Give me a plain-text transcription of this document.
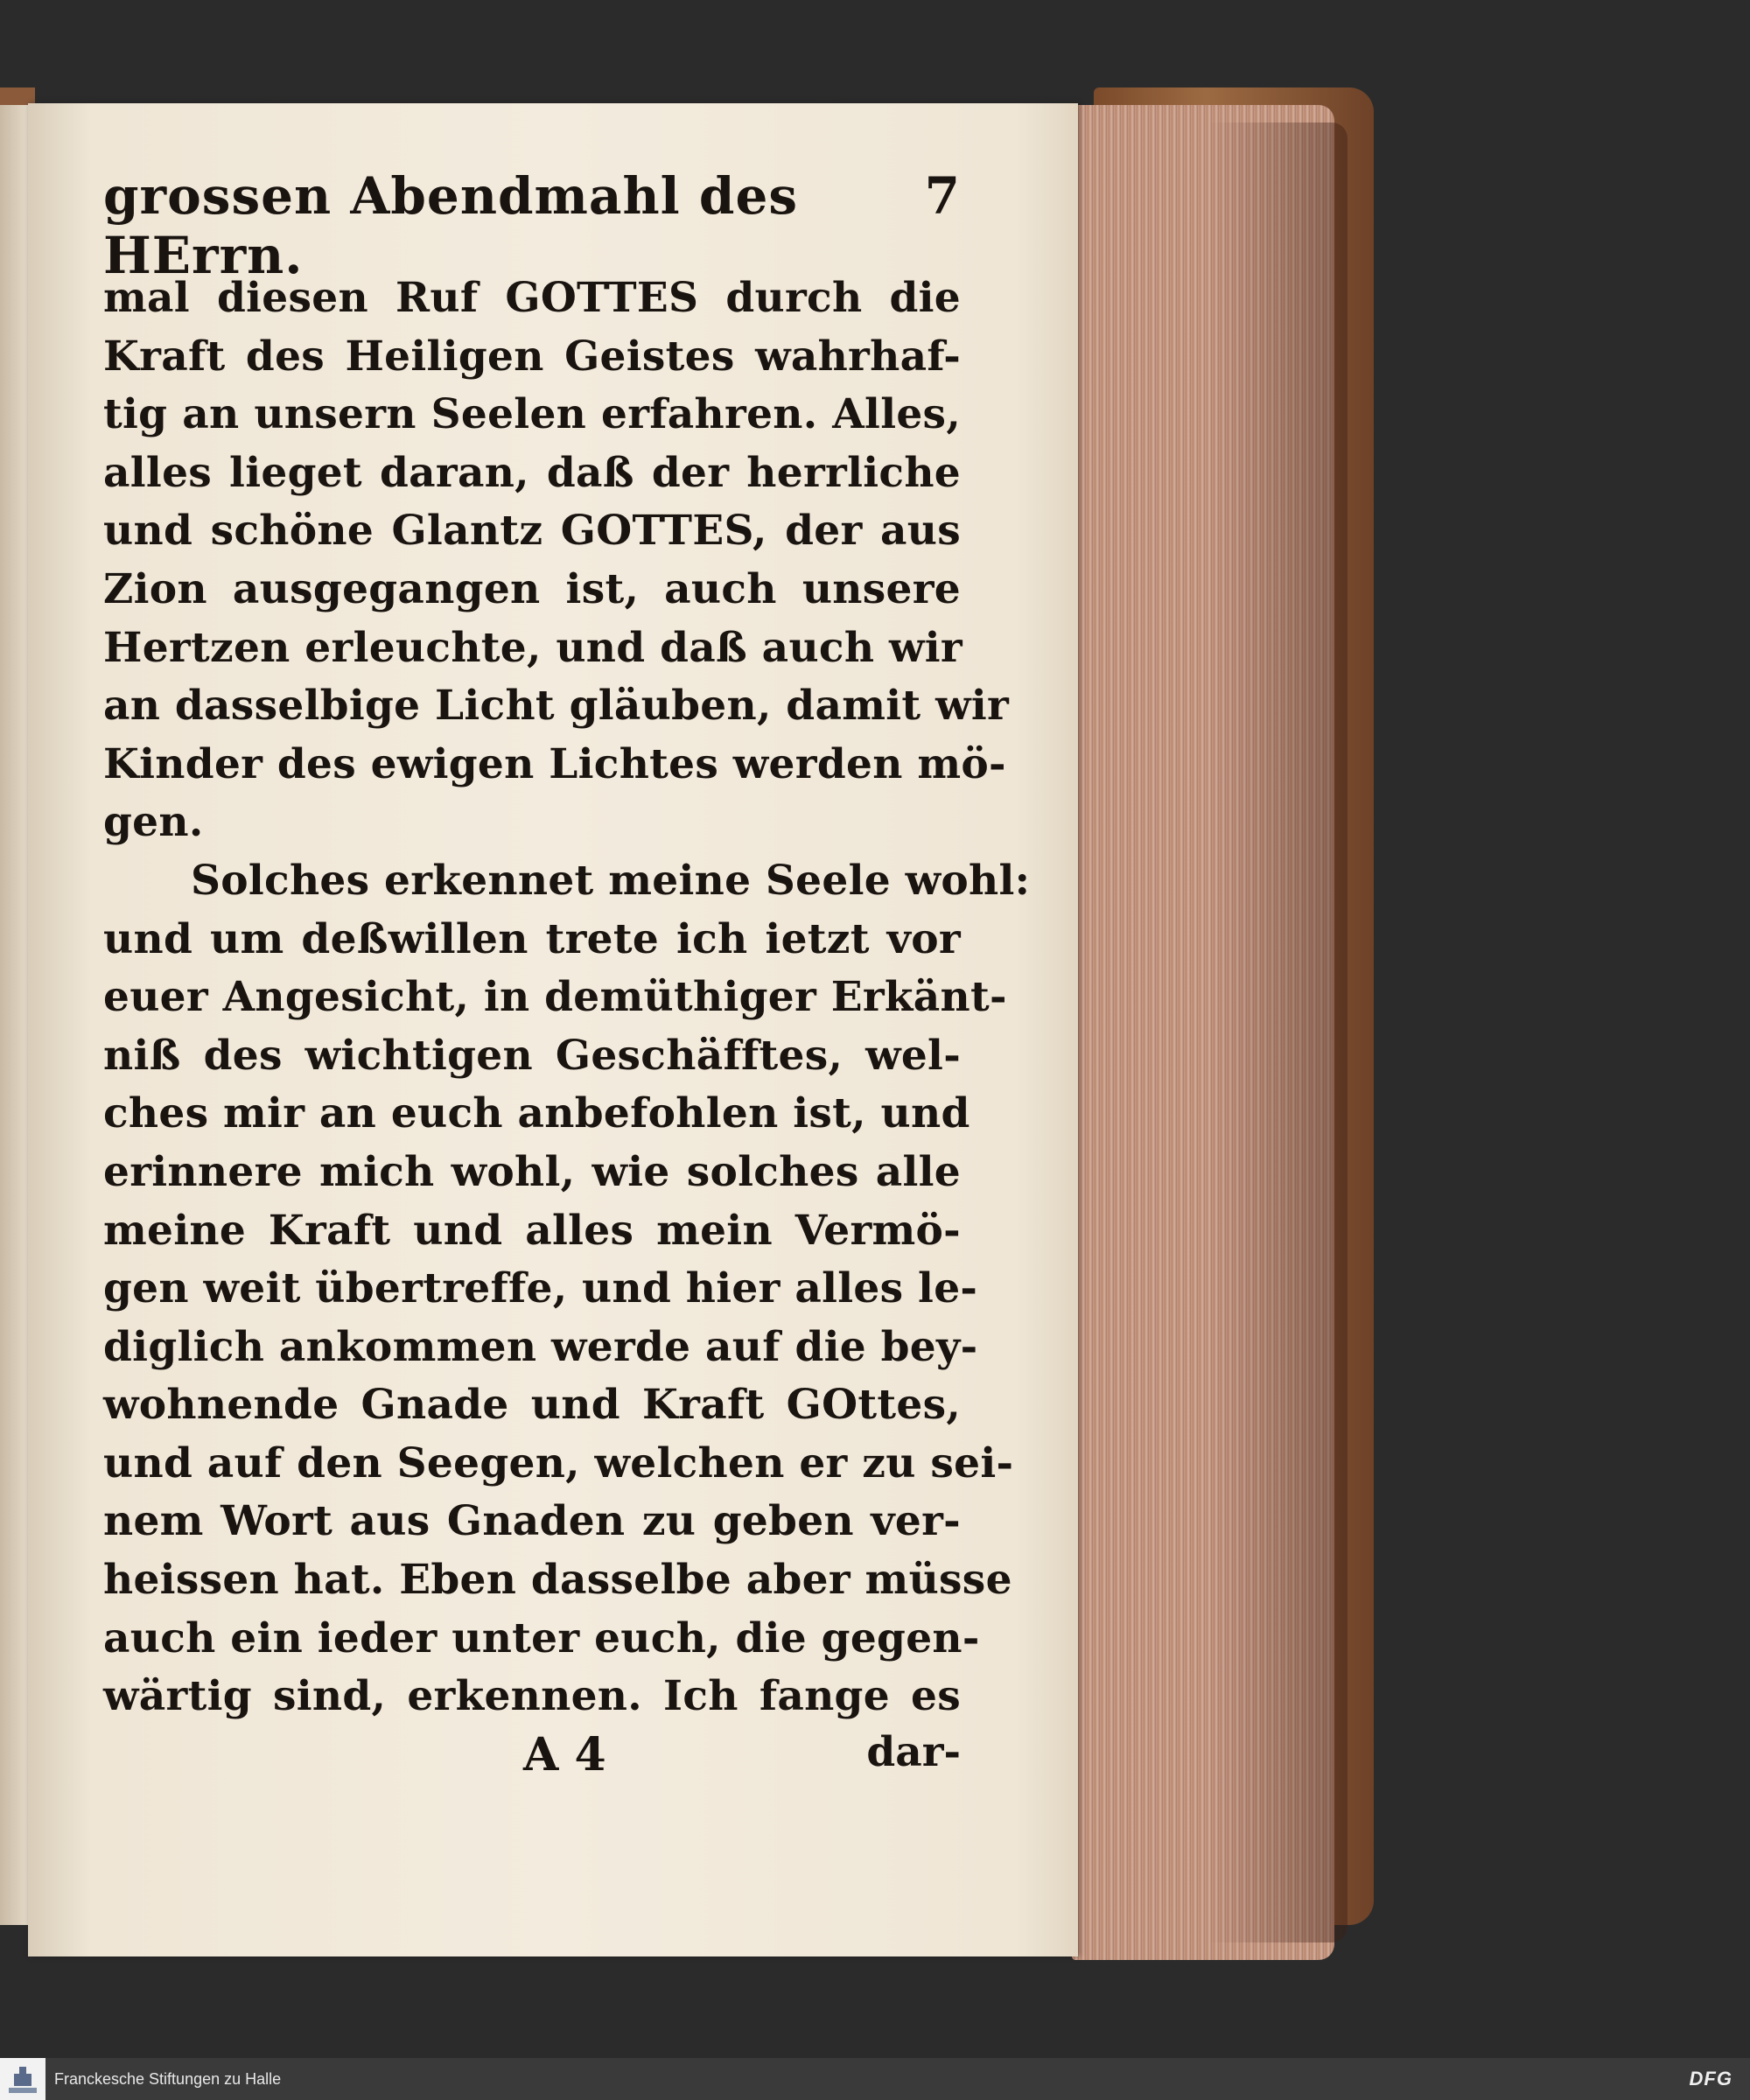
grossen Abendmahl des HErrn.
7
mal diesen Ruf GOTTES durch die
Kraft des Heiligen Geistes wahrhaf-
tig an unsern Seelen erfahren. Alles,
alles lieget daran, daß der herrliche
und schöne Glantz GOTTES, der aus
Zion ausgegangen ist, auch unsere
Hertzen erleuchte, und daß auch wir
an dasselbige Licht gläuben, damit wir
Kinder des ewigen Lichtes werden mö-
gen.
Solches erkennet meine Seele wohl:
und um deßwillen trete ich ietzt vor
euer Angesicht, in demüthiger Erkänt-
niß des wichtigen Geschäfftes, wel-
ches mir an euch anbefohlen ist, und
erinnere mich wohl, wie solches alle
meine Kraft und alles mein Vermö-
gen weit übertreffe, und hier alles le-
diglich ankommen werde auf die bey-
wohnende Gnade und Kraft GOttes,
und auf den Seegen, welchen er zu sei-
nem Wort aus Gnaden zu geben ver-
heissen hat. Eben dasselbe aber müsse
auch ein ieder unter euch, die gegen-
wärtig sind, erkennen. Ich fange es
A 4	dar-
Franckesche Stiftungen zu Halle	DFG
